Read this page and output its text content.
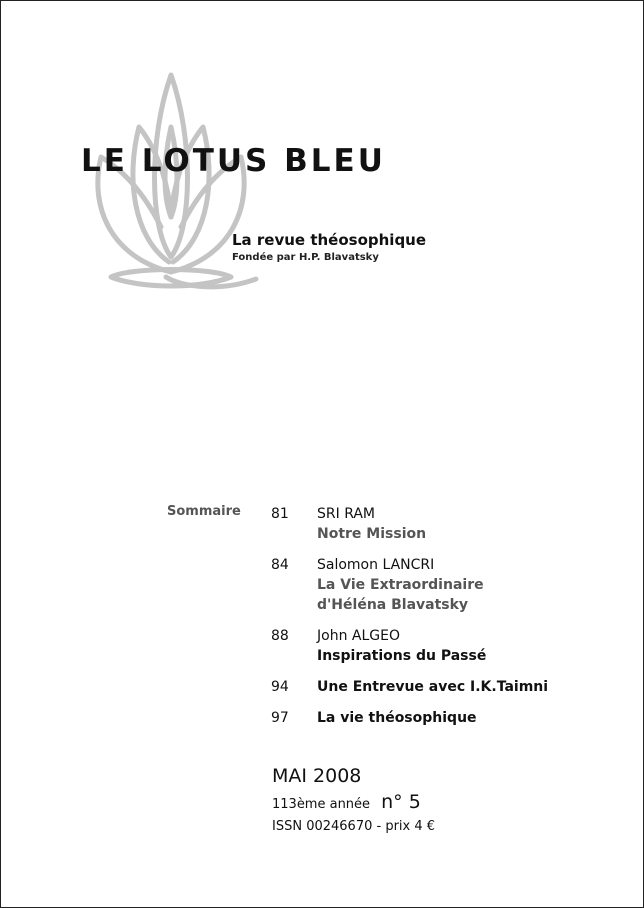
LE LOTUS BLEU
La revue théosophique
Fondée par H.P. Blavatsky
Sommaire 81	SRI RAM
Notre Mission
84	Salomon LANCRI
La Vie Extraordinaire
d'Héléna Blavatsky
88	John ALGEO
Inspirations du Passé
94	Une Entrevue avec I.K.Taimni
97	La vie théosophique
MAI 2008
113ème année n° 5
ISSN 00246670 - prix 4 €
